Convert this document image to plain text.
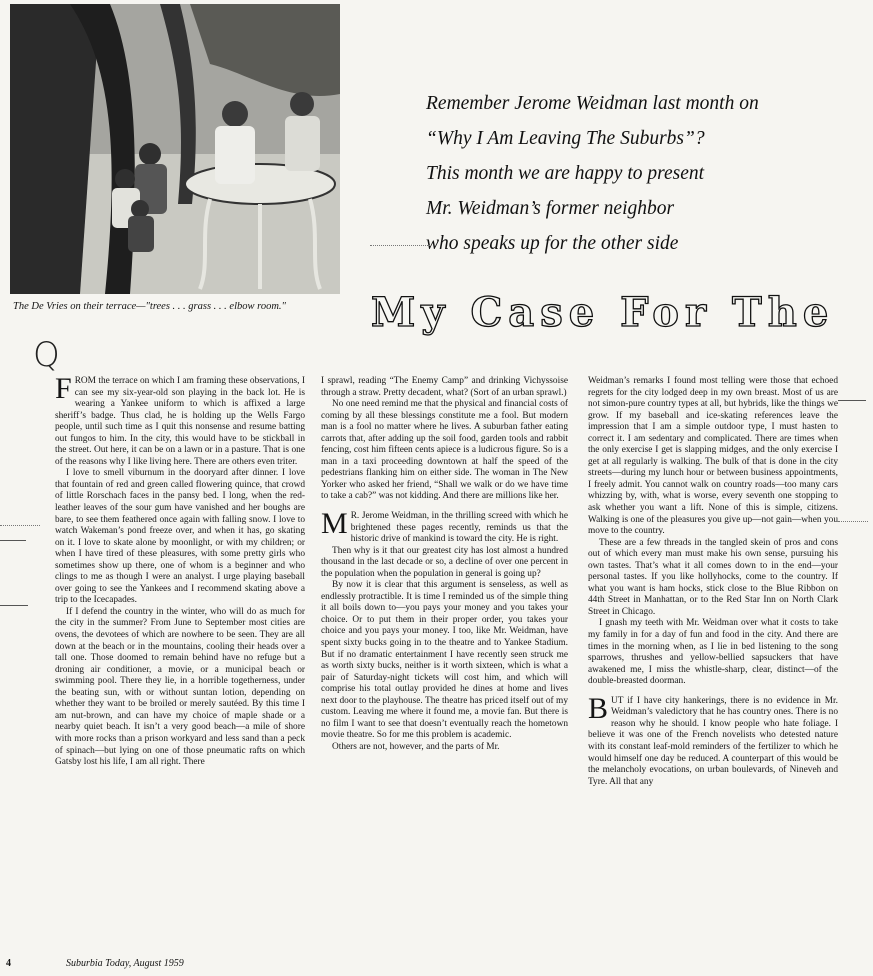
The De Vries on their terrace—"trees . . . grass . . . elbow room."
Remember Jerome Weidman last month on
“Why I Am Leaving The Suburbs”?
This month we are happy to present
Mr. Weidman’s former neighbor
who speaks up for the other side
My Case For The
Q

FROM the terrace on which I am framing these observations, I can see my six-year-old son playing in the back lot. He is wearing a Yankee uniform to which is affixed a large sheriff’s badge. Thus clad, he is holding up the Wells Fargo people, until such time as I quit this nonsense and resume batting out fungos to him. In the city, this would have to be stickball in the street. Out here, it can be on a lawn or in a pasture. That is one of the reasons why I like living here. There are others even triter.

I love to smell viburnum in the dooryard after dinner. I love that fountain of red and green called flowering quince, that crowd of little Rorschach faces in the pansy bed. I long, when the red-leather leaves of the sour gum have vanished and her boughs are bare, to see them feathered once again with falling snow. I love to watch Wakeman’s pond freeze over, and when it has, go skating on it. I love to skate alone by moonlight, or with my children; or when I have tired of these pleasures, with some pretty girls who sometimes show up there, one of whom is a beginner and who clings to me as though I were an analyst. I urge playing baseball over going to see the Yankees and I recommend skating above a trip to the Icecapades.

If I defend the country in the winter, who will do as much for the city in the summer? From June to September most cities are ovens, the devotees of which are nowhere to be seen. They are all down at the beach or in the mountains, cooling their heads over a tall one. Those doomed to remain behind have no refuge but a droning air conditioner, a movie, or a municipal beach or swimming pool. There they lie, in a horrible togetherness, under the beating sun, with or without suntan lotion, depending on whether they want to be broiled or merely sautéed. By this time I am nut-brown, and can have my choice of maple shade or a nearby quiet beach. It isn’t a very good beach—a mile of shore with more rocks than a prison workyard and less sand than a peck of spinach—but lying on one of those pneumatic rafts on which Gatsby lost his life, I am all right. There

I sprawl, reading “The Enemy Camp” and drinking Vichyssoise through a straw. Pretty decadent, what? (Sort of an urban sprawl.)

No one need remind me that the physical and financial costs of coming by all these blessings constitute me a fool. But modern man is a fool no matter where he lives. A suburban father eating carrots that, after adding up the soil food, garden tools and rabbit fencing, cost him fifteen cents apiece is a ludicrous figure. So is a man in a taxi proceeding downtown at half the speed of the pedestrians flanking him on either side. The woman in The New Yorker who asked her friend, “Shall we walk or do we have time to take a cab?” was not kidding. And there are millions like her.

M R. Jerome Weidman, in the thrilling screed with which he brightened these pages recently, reminds us that the historic drive of mankind is toward the city. He is right.

Then why is it that our greatest city has lost almost a hundred thousand in the last decade or so, a decline of over one percent in the population when the population in general is going up?

By now it is clear that this argument is senseless, as well as endlessly protractible. It is time I reminded us of the simple thing it all boils down to—you pays your money and you takes your choice. Or to put them in their proper order, you takes your choice and you pays your money. I too, like Mr. Weidman, have spent sixty bucks going in to the theatre and to Yankee Stadium. But if no dramatic entertainment I have recently seen struck me as worth sixty bucks, neither is it worth sixteen, which is what a pair of Saturday-night tickets will cost him, and which will comprise his total outlay provided he dines at home and lives next door to the playhouse. The theatre has priced itself out of my custom. Leaving me where it found me, a movie fan. But there is no film I want to see that doesn’t eventually reach the hometown movie theatre. So for me this problem is academic.

Others are not, however, and the parts of Mr.

Weidman’s remarks I found most telling were those that echoed regrets for the city lodged deep in my own breast. Most of us are not simon-pure country types at all, but hybrids, like the things we grow. If my baseball and ice-skating references leave the impression that I am a simple outdoor type, I must hasten to correct it. I am sedentary and complicated. There are times when the only exercise I get is slapping midges, and the only exercise I get at all regularly is walking. The bulk of that is done in the city streets—during my lunch hour or between business appointments, I freely admit. You cannot walk on country roads—too many cars whizzing by, with, what is worse, every seventh one stopping to ask whether you want a lift. None of this is simple, citizens. Walking is one of the pleasures you give up—not gain—when you move to the country.

These are a few threads in the tangled skein of pros and cons out of which every man must make his own sense, pursuing his own tastes. That’s what it all comes down to in the end—your personal tastes. If you like hollyhocks, come to the country. If what you want is ham hocks, stick close to the Blue Ribbon on 44th Street in Manhattan, or to the Red Star Inn on North Clark Street in Chicago.

I gnash my teeth with Mr. Weidman over what it costs to take my family in for a day of fun and food in the city. And there are times in the morning when, as I lie in bed listening to the song sparrows, thrushes and yellow-bellied sapsuckers that have awakened me, I miss the whistle-sharp, clear, distinct—of the double-breasted doorman.

BUT if I have city hankerings, there is no evidence in Mr. Weidman’s valedictory that he has country ones. There is no reason why he should. I know people who hate foliage. I believe it was one of the French novelists who detested nature with its constant leaf-mold reminders of the fertilizer to which he would himself one day be reduced. A counterpart of this would be the melancholy evocations, on urban boulevards, of Nineveh and Tyre. All that any

4	Suburbia Today, August 1959
